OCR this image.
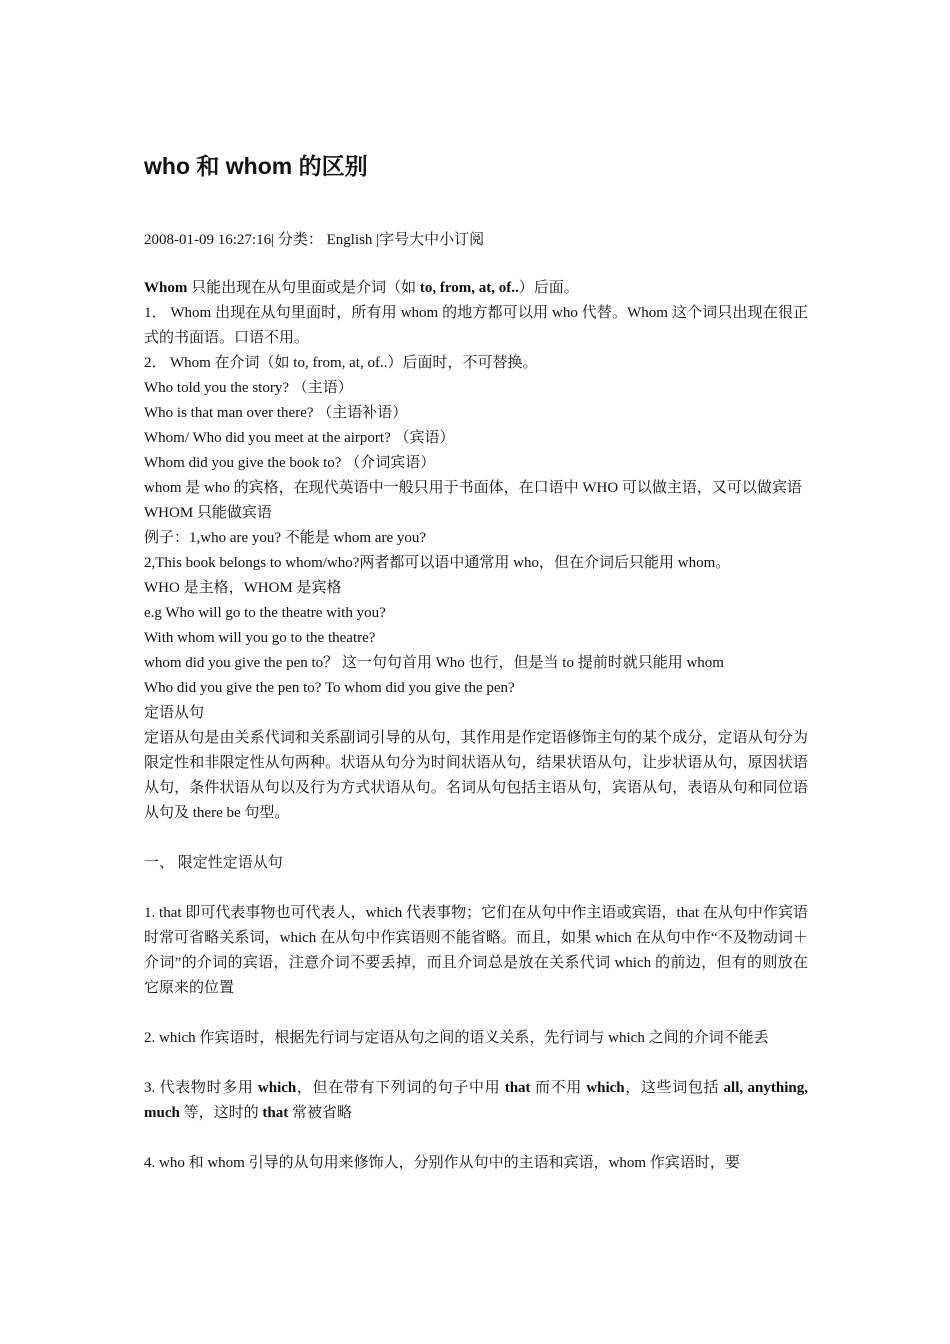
who 和 whom 的区别
2008-01-09 16:27:16| 分类： English |字号大中小订阅

Whom 只能出现在从句里面或是介词（如 to, from, at, of..）后面。

1． Whom 出现在从句里面时，所有用 whom 的地方都可以用 who 代替。Whom 这个词只出现在很正式的书面语。口语不用。

2． Whom 在介词（如 to, from, at, of..）后面时，不可替换。

Who told you the story? （主语）

Who is that man over there? （主语补语）

Whom/ Who did you meet at the airport? （宾语）

Whom did you give the book to? （介词宾语）

whom 是 who 的宾格，在现代英语中一般只用于书面体，在口语中 WHO 可以做主语，又可以做宾语

WHOM 只能做宾语

例子：1,who are you? 不能是 whom are you?

2,This book belongs to whom/who?两者都可以语中通常用 who，但在介词后只能用 whom。

WHO 是主格，WHOM 是宾格

e.g Who will go to the theatre with you?

With whom will you go to the theatre?

whom did you give the pen to？ 这一句句首用 Who 也行，但是当 to 提前时就只能用 whom

Who did you give the pen to? To whom did you give the pen?

定语从句

定语从句是由关系代词和关系副词引导的从句，其作用是作定语修饰主句的某个成分，定语从句分为限定性和非限定性从句两种。状语从句分为时间状语从句，结果状语从句，让步状语从句，原因状语从句，条件状语从句以及行为方式状语从句。名词从句包括主语从句，宾语从句，表语从句和同位语从句及 there be 句型。

一、 限定性定语从句

1. that 即可代表事物也可代表人，which 代表事物；它们在从句中作主语或宾语，that 在从句中作宾语时常可省略关系词，which 在从句中作宾语则不能省略。而且，如果 which 在从句中作“不及物动词＋介词”的介词的宾语，注意介词不要丢掉，而且介词总是放在关系代词 which 的前边，但有的则放在它原来的位置

2. which 作宾语时，根据先行词与定语从句之间的语义关系，先行词与 which 之间的介词不能丢

3. 代表物时多用 which，但在带有下列词的句子中用 that 而不用 which，这些词包括 all, anything, much 等，这时的 that 常被省略

4. who 和 whom 引导的从句用来修饰人，分别作从句中的主语和宾语，whom 作宾语时，要
